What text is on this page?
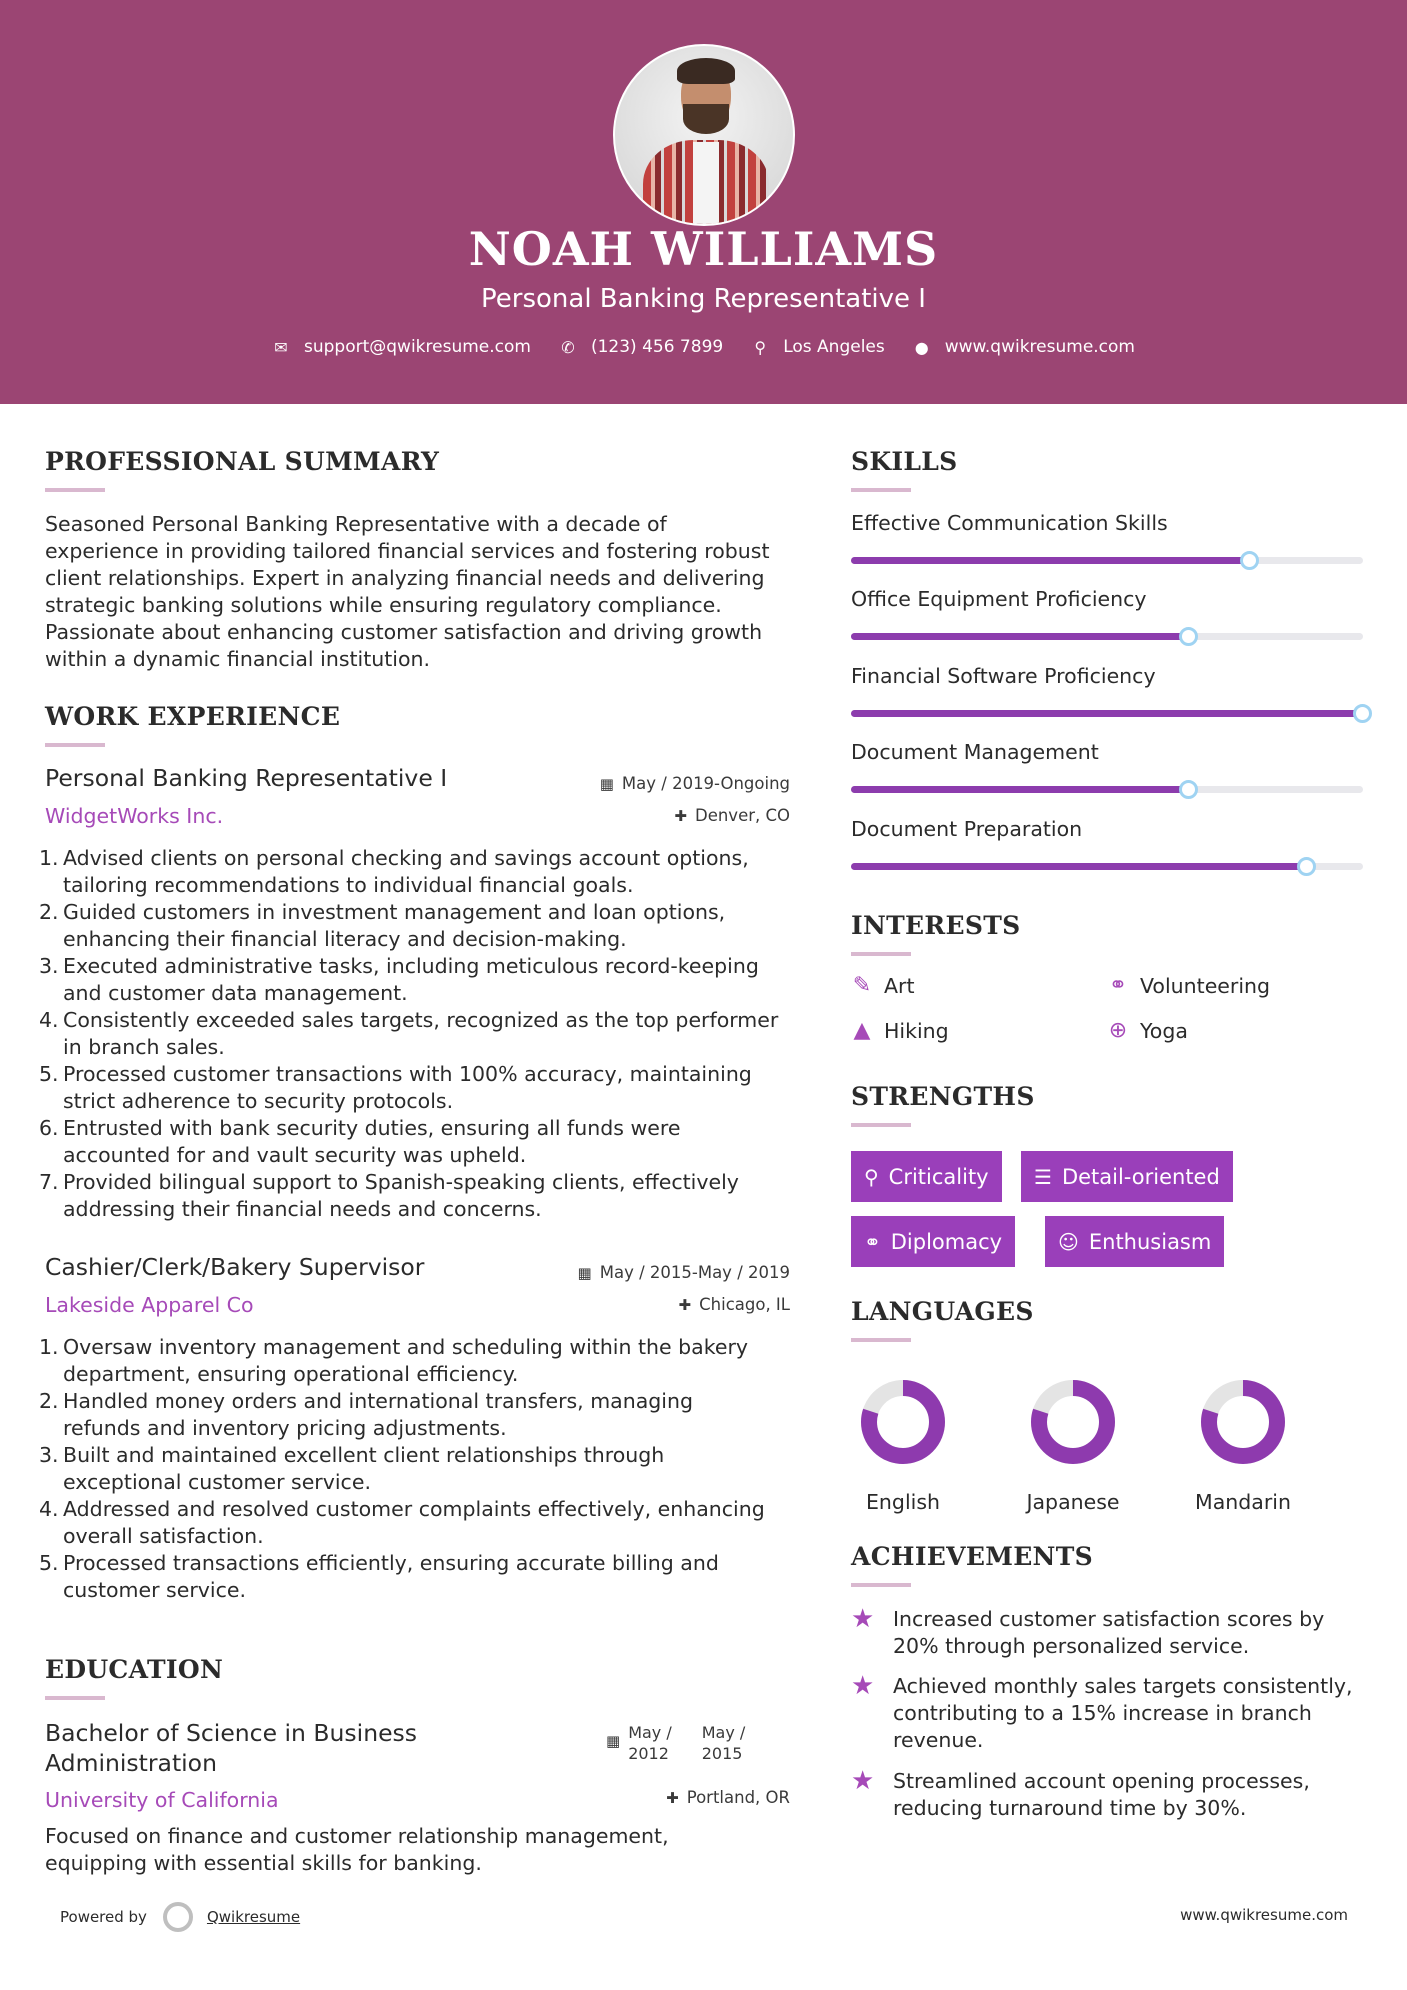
NOAH WILLIAMS
Personal Banking Representative I
✉ support@qwikresume.com ✆ (123) 456 7899 ⚲ Los Angeles ● www.qwikresume.com
PROFESSIONAL SUMMARY
Seasoned Personal Banking Representative with a decade of
experience in providing tailored financial services and fostering robust
client relationships. Expert in analyzing financial needs and delivering
strategic banking solutions while ensuring regulatory compliance.
Passionate about enhancing customer satisfaction and driving growth
within a dynamic financial institution.
WORK EXPERIENCE
Personal Banking Representative I	▦ May / 2019-Ongoing
WidgetWorks Inc.	✚ Denver, CO
1. Advised clients on personal checking and savings account options,
tailoring recommendations to individual financial goals.
2. Guided customers in investment management and loan options,
enhancing their financial literacy and decision-making.
3. Executed administrative tasks, including meticulous record-keeping
and customer data management.
4. Consistently exceeded sales targets, recognized as the top performer
in branch sales.
5. Processed customer transactions with 100% accuracy, maintaining
strict adherence to security protocols.
6. Entrusted with bank security duties, ensuring all funds were
accounted for and vault security was upheld.
7. Provided bilingual support to Spanish-speaking clients, effectively
addressing their financial needs and concerns.
Cashier/Clerk/Bakery Supervisor	▦ May / 2015-May / 2019
Lakeside Apparel Co	✚ Chicago, IL
1. Oversaw inventory management and scheduling within the bakery
department, ensuring operational efficiency.
2. Handled money orders and international transfers, managing
refunds and inventory pricing adjustments.
3. Built and maintained excellent client relationships through
exceptional customer service.
4. Addressed and resolved customer complaints effectively, enhancing
overall satisfaction.
5. Processed transactions efficiently, ensuring accurate billing and
customer service.
EDUCATION
Bachelor of Science in Business
Administration
▦ May /
2012
May /
2015
University of California	✚ Portland, OR
Focused on finance and customer relationship management,
equipping with essential skills for banking.
SKILLS
Effective Communication Skills
Office Equipment Proficiency
Financial Software Proficiency
Document Management
Document Preparation
INTERESTS
✎ Art	⚭ Volunteering
▲ Hiking	⊕ Yoga
STRENGTHS
⚲ Criticality ☰ Detail-oriented
⚭ Diplomacy	☺ Enthusiasm
LANGUAGES
English	Japanese	Mandarin
ACHIEVEMENTS
★ Increased customer satisfaction scores by
20% through personalized service.
★ Achieved monthly sales targets consistently,
contributing to a 15% increase in branch
revenue.
★ Streamlined account opening processes,
reducing turnaround time by 30%.
Powered by	Qwikresume	www.qwikresume.com
